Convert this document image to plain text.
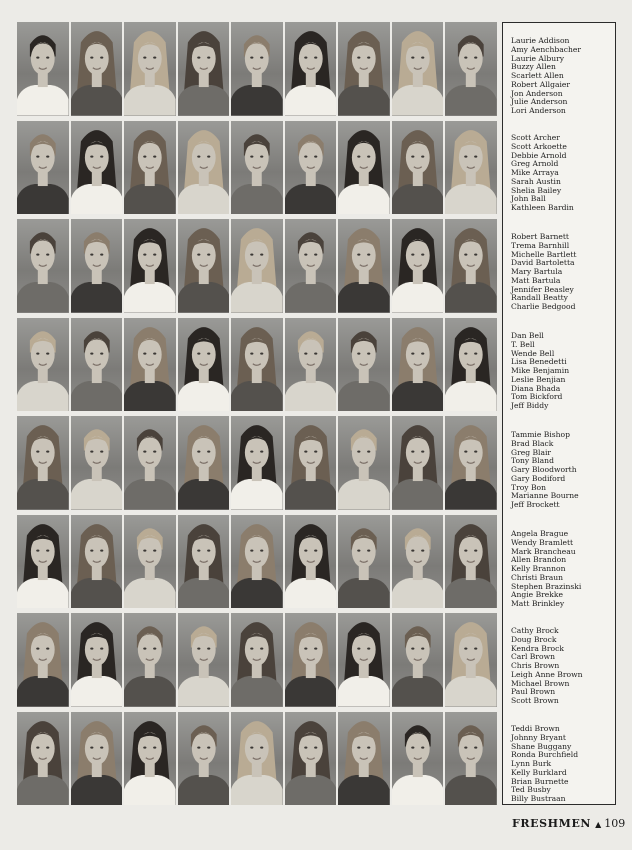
Laurie Addison
Amy Aenchbacher
Laurie Albury
Buzzy Allen
Scarlett Allen
Robert Allgaier
Jon Anderson
Julie Anderson
Lori Anderson
Scott Archer
Scott Arkoette
Debbie Arnold
Greg Arnold
Mike Arraya
Sarah Austin
Shelia Bailey
John Ball
Kathleen Bardin
Robert Barnett
Trema Barnhill
Michelle Bartlett
David Bartoletta
Mary Bartula
Matt Bartula
Jennifer Beasley
Randall Beatty
Charlie Bedgood
Dan Bell
T. Bell
Wende Bell
Lisa Benedetti
Mike Benjamin
Leslie Benjian
Diana Bhada
Tom Bickford
Jeff Biddy
Tammie Bishop
Brad Black
Greg Blair
Tony Bland
Gary Bloodworth
Gary Bodiford
Troy Bon
Marianne Bourne
Jeff Brockett
Angela Brague
Wendy Bramlett
Mark Brancheau
Allen Brandon
Kelly Brannon
Christi Braun
Stephen Brazinski
Angie Brekke
Matt Brinkley
Cathy Brock
Doug Brock
Kendra Brock
Carl Brown
Chris Brown
Leigh Anne Brown
Michael Brown
Paul Brown
Scott Brown
Teddi Brown
Johnny Bryant
Shane Buggany
Ronda Burchfield
Lynn Burk
Kelly Burklard
Brian Burnette
Ted Busby
Billy Bustraan
FRESHMEN ▲ 109
